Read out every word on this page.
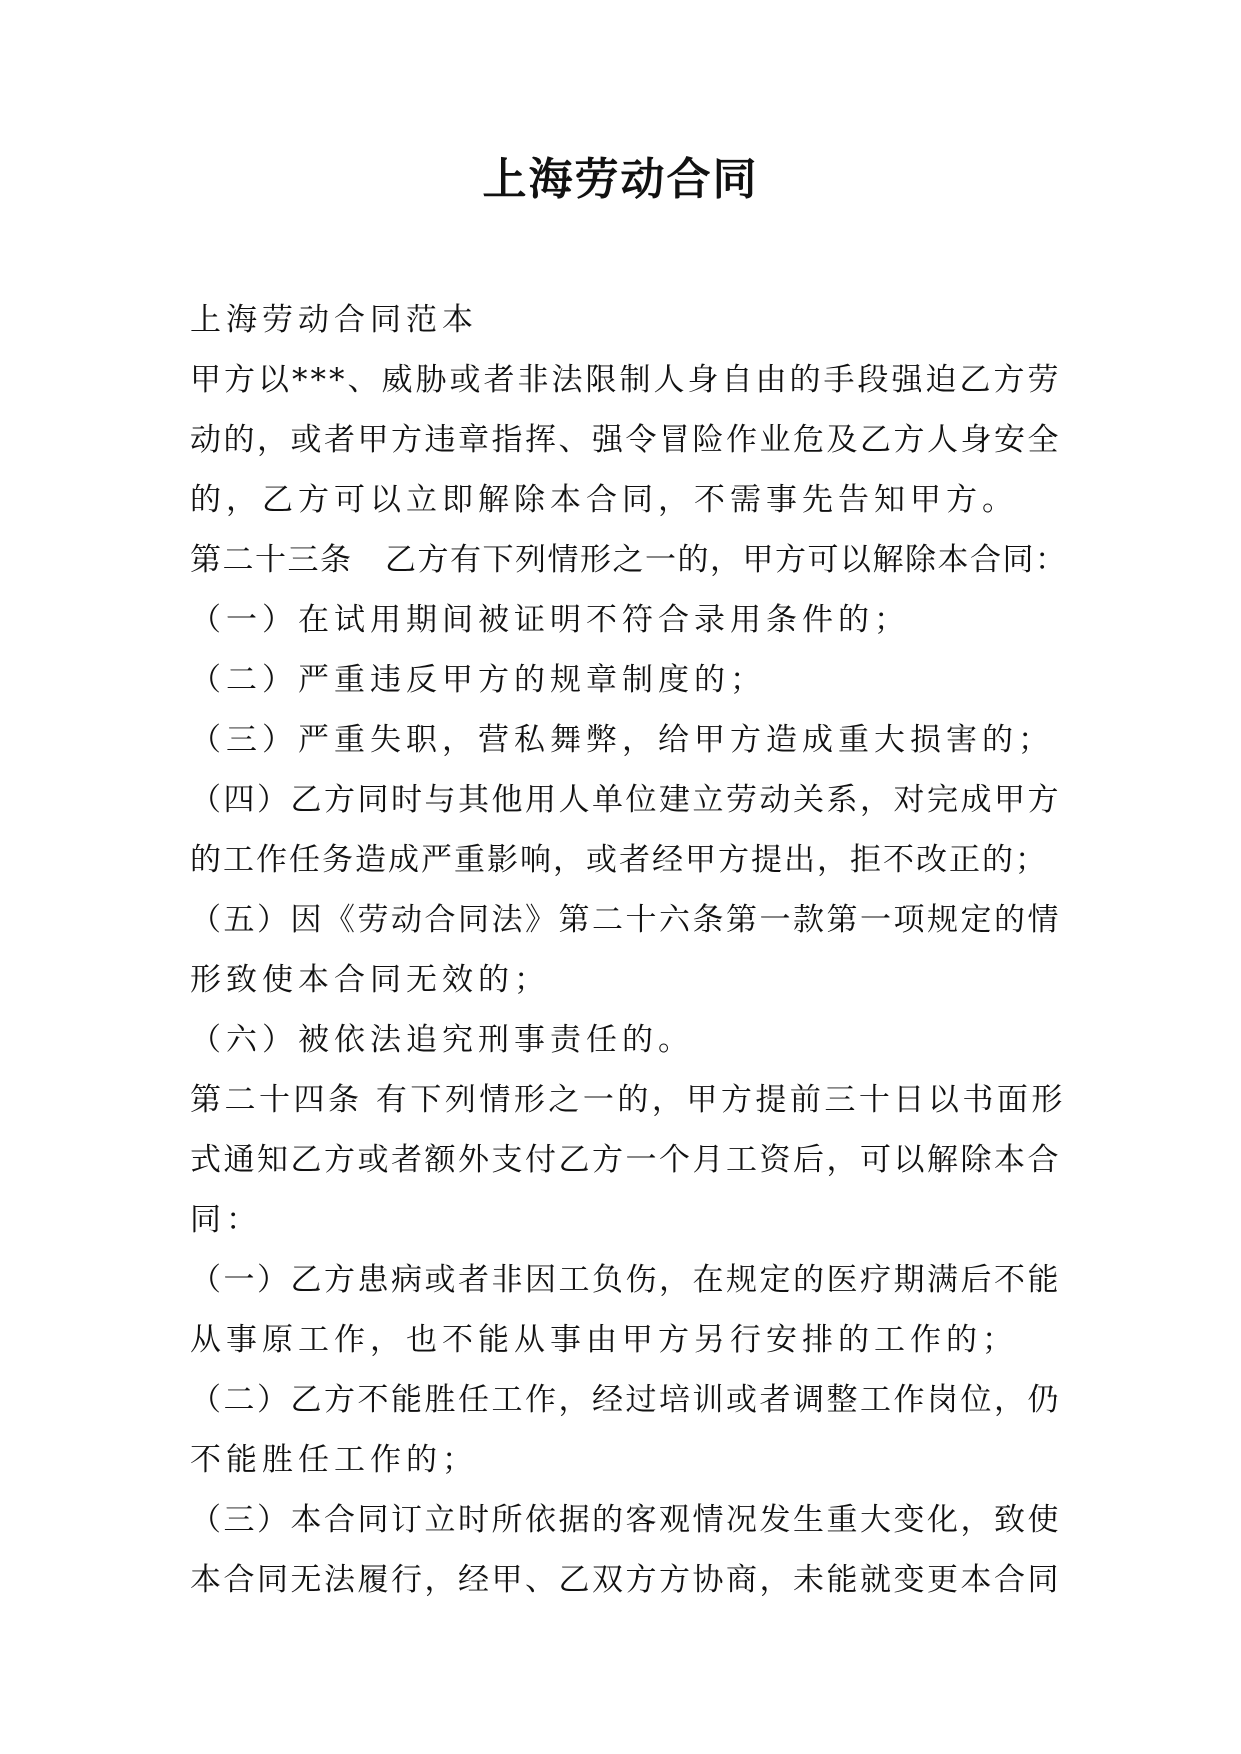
上海劳动合同
上海劳动合同范本
甲方以***、威胁或者非法限制人身自由的手段强迫乙方劳
动的，或者甲方违章指挥、强令冒险作业危及乙方人身安全
的，乙方可以立即解除本合同，不需事先告知甲方。
第二十三条　乙方有下列情形之一的，甲方可以解除本合同：
（一）在试用期间被证明不符合录用条件的；
（二）严重违反甲方的规章制度的；
（三）严重失职，营私舞弊，给甲方造成重大损害的；
（四）乙方同时与其他用人单位建立劳动关系，对完成甲方
的工作任务造成严重影响，或者经甲方提出，拒不改正的；
（五）因《劳动合同法》第二十六条第一款第一项规定的情
形致使本合同无效的；
（六）被依法追究刑事责任的。
第二十四条 有下列情形之一的，甲方提前三十日以书面形
式通知乙方或者额外支付乙方一个月工资后，可以解除本合
同：
（一）乙方患病或者非因工负伤，在规定的医疗期满后不能
从事原工作，也不能从事由甲方另行安排的工作的；
（二）乙方不能胜任工作，经过培训或者调整工作岗位，仍
不能胜任工作的；
（三）本合同订立时所依据的客观情况发生重大变化，致使
本合同无法履行，经甲、乙双方方协商，未能就变更本合同
